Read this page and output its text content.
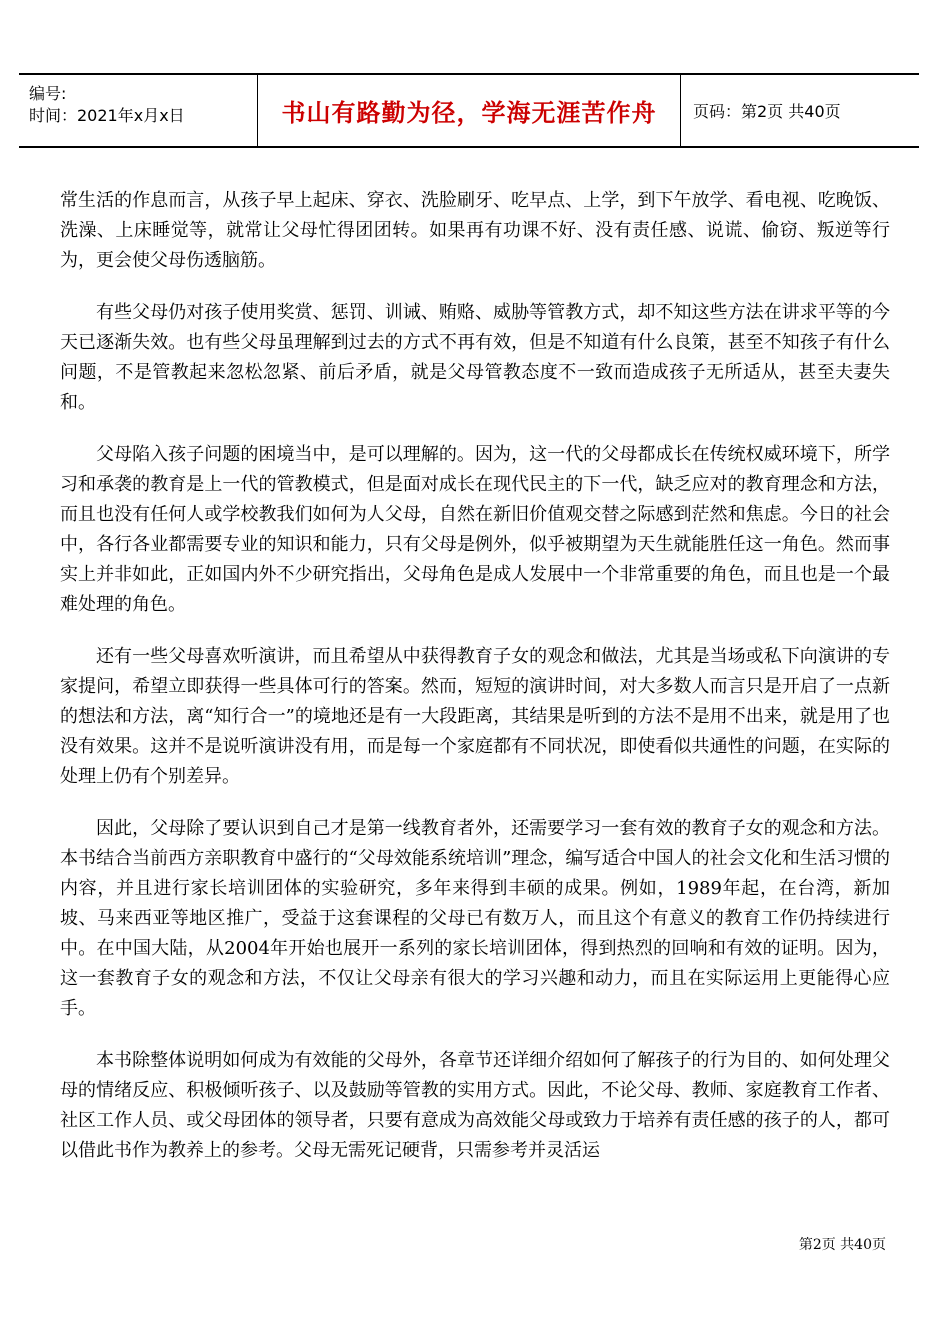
编号:
时间：2021年x月x日	书山有路勤为径，学海无涯苦作舟	页码：第2页 共40页

常生活的作息而言，从孩子早上起床、穿衣、洗脸刷牙、吃早点、上学，到下午放学、看电视、吃晚饭、洗澡、上床睡觉等，就常让父母忙得团团转。如果再有功课不好、没有责任感、说谎、偷窃、叛逆等行为，更会使父母伤透脑筋。

有些父母仍对孩子使用奖赏、惩罚、训诫、贿赂、威胁等管教方式，却不知这些方法在讲求平等的今天已逐渐失效。也有些父母虽理解到过去的方式不再有效，但是不知道有什么良策，甚至不知孩子有什么问题，不是管教起来忽松忽紧、前后矛盾，就是父母管教态度不一致而造成孩子无所适从，甚至夫妻失和。

父母陷入孩子问题的困境当中，是可以理解的。因为，这一代的父母都成长在传统权威环境下，所学习和承袭的教育是上一代的管教模式，但是面对成长在现代民主的下一代，缺乏应对的教育理念和方法，而且也没有任何人或学校教我们如何为人父母，自然在新旧价值观交替之际感到茫然和焦虑。今日的社会中，各行各业都需要专业的知识和能力，只有父母是例外，似乎被期望为天生就能胜任这一角色。然而事实上并非如此，正如国内外不少研究指出，父母角色是成人发展中一个非常重要的角色，而且也是一个最难处理的角色。

还有一些父母喜欢听演讲，而且希望从中获得教育子女的观念和做法，尤其是当场或私下向演讲的专家提问，希望立即获得一些具体可行的答案。然而，短短的演讲时间，对大多数人而言只是开启了一点新的想法和方法，离“知行合一”的境地还是有一大段距离，其结果是听到的方法不是用不出来，就是用了也没有效果。这并不是说听演讲没有用，而是每一个家庭都有不同状况，即使看似共通性的问题，在实际的处理上仍有个别差异。

因此，父母除了要认识到自己才是第一线教育者外，还需要学习一套有效的教育子女的观念和方法。本书结合当前西方亲职教育中盛行的“父母效能系统培训”理念，编写适合中国人的社会文化和生活习惯的内容，并且进行家长培训团体的实验研究，多年来得到丰硕的成果。例如，1989年起，在台湾，新加坡、马来西亚等地区推广，受益于这套课程的父母已有数万人，而且这个有意义的教育工作仍持续进行中。在中国大陆，从2004年开始也展开一系列的家长培训团体，得到热烈的回响和有效的证明。因为，这一套教育子女的观念和方法，不仅让父母亲有很大的学习兴趣和动力，而且在实际运用上更能得心应手。

本书除整体说明如何成为有效能的父母外，各章节还详细介绍如何了解孩子的行为目的、如何处理父母的情绪反应、积极倾听孩子、以及鼓励等管教的实用方式。因此，不论父母、教师、家庭教育工作者、社区工作人员、或父母团体的领导者，只要有意成为高效能父母或致力于培养有责任感的孩子的人，都可以借此书作为教养上的参考。父母无需死记硬背，只需参考并灵活运

第2页 共40页
